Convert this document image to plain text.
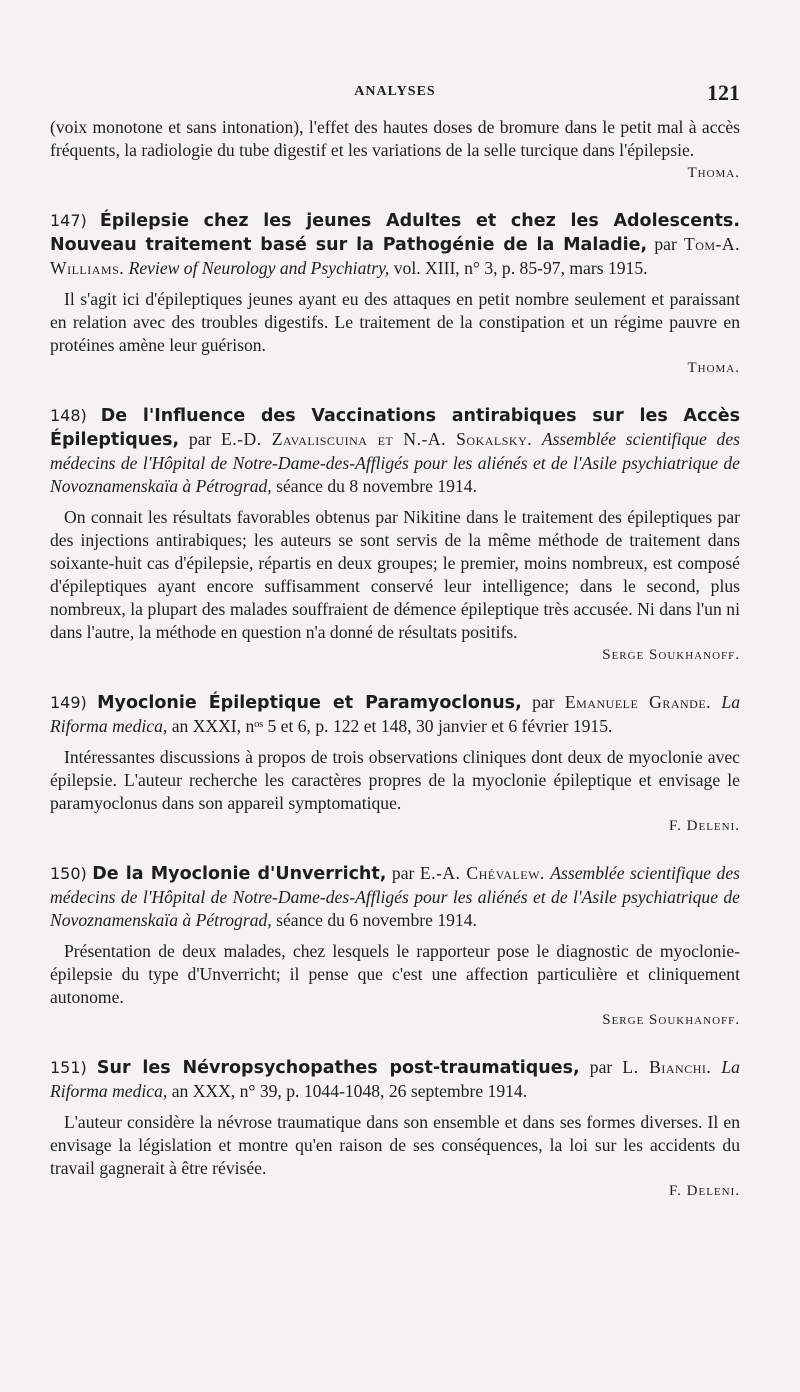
ANALYSES	121

(voix monotone et sans intonation), l'effet des hautes doses de bromure dans le petit mal à accès fréquents, la radiologie du tube digestif et les variations de la selle turcique dans l'épilepsie.

Thoma.

147) Épilepsie chez les jeunes Adultes et chez les Adolescents. Nouveau traitement basé sur la Pathogénie de la Maladie, par Tom-A. Williams. Review of Neurology and Psychiatry, vol. XIII, n° 3, p. 85-97, mars 1915.

Il s'agit ici d'épileptiques jeunes ayant eu des attaques en petit nombre seulement et paraissant en relation avec des troubles digestifs. Le traitement de la constipation et un régime pauvre en protéines amène leur guérison.

Thoma.

148) De l'Influence des Vaccinations antirabiques sur les Accès Épileptiques, par E.-D. Zavaliscuina et N.-A. Sokalsky. Assemblée scientifique des médecins de l'Hôpital de Notre-Dame-des-Affligés pour les aliénés et de l'Asile psychiatrique de Novoznamenskaïa à Pétrograd, séance du 8 novembre 1914.

On connait les résultats favorables obtenus par Nikitine dans le traitement des épileptiques par des injections antirabiques; les auteurs se sont servis de la même méthode de traitement dans soixante-huit cas d'épilepsie, répartis en deux groupes; le premier, moins nombreux, est composé d'épileptiques ayant encore suffisamment conservé leur intelligence; dans le second, plus nombreux, la plupart des malades souffraient de démence épileptique très accusée. Ni dans l'un ni dans l'autre, la méthode en question n'a donné de résultats positifs.

Serge Soukhanoff.

149) Myoclonie Épileptique et Paramyoclonus, par Emanuele Grande. La Riforma medica, an XXXI, nᵒˢ 5 et 6, p. 122 et 148, 30 janvier et 6 février 1915.

Intéressantes discussions à propos de trois observations cliniques dont deux de myoclonie avec épilepsie. L'auteur recherche les caractères propres de la myoclonie épileptique et envisage le paramyoclonus dans son appareil symptomatique.

F. Deleni.

150) De la Myoclonie d'Unverricht, par E.-A. Chévalew. Assemblée scientifique des médecins de l'Hôpital de Notre-Dame-des-Affligés pour les aliénés et de l'Asile psychiatrique de Novoznamenskaïa à Pétrograd, séance du 6 novembre 1914.

Présentation de deux malades, chez lesquels le rapporteur pose le diagnostic de myoclonie-épilepsie du type d'Unverricht; il pense que c'est une affection particulière et cliniquement autonome.

Serge Soukhanoff.

151) Sur les Névropsychopathes post-traumatiques, par L. Bianchi. La Riforma medica, an XXX, n° 39, p. 1044-1048, 26 septembre 1914.

L'auteur considère la névrose traumatique dans son ensemble et dans ses formes diverses. Il en envisage la législation et montre qu'en raison de ses conséquences, la loi sur les accidents du travail gagnerait à être révisée.

F. Deleni.
